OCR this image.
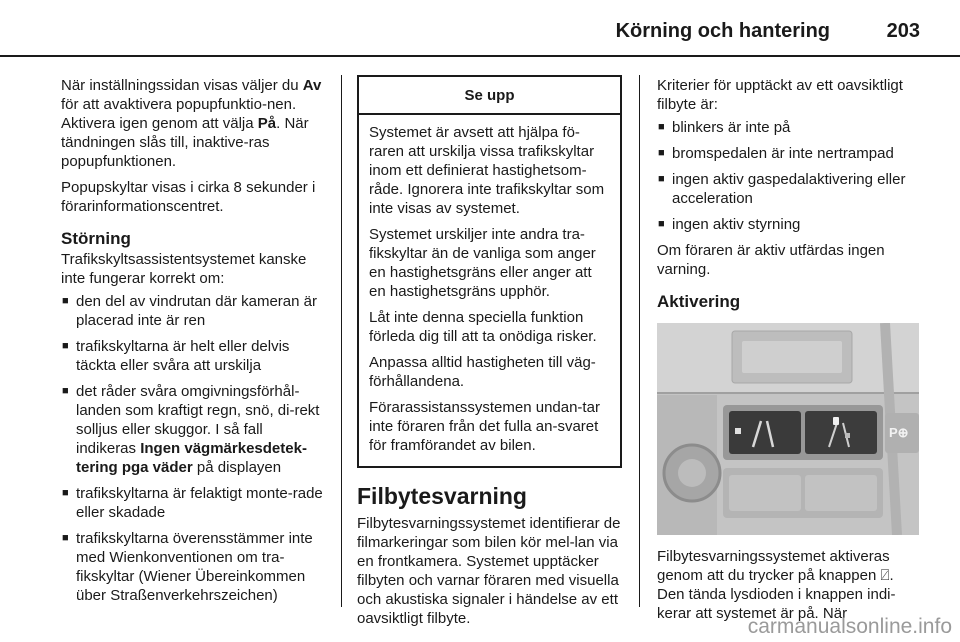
Körning och hantering	203

När inställningssidan visas väljer du Av för att avaktivera popupfunktio-nen. Aktivera igen genom att välja På. När tändningen slås till, inaktive-ras popupfunktionen.

Popupskyltar visas i cirka 8 sekunder i förarinformationscentret.

Störning

Trafikskyltsassistentsystemet kanske inte fungerar korrekt om:

■ den del av vindrutan där kameran är placerad inte är ren
■ trafikskyltarna är helt eller delvis täckta eller svåra att urskilja
■ det råder svåra omgivningsförhål-landen som kraftigt regn, snö, di-rekt solljus eller skuggor. I så fall indikeras Ingen vägmärkesdetek-tering pga väder på displayen
■ trafikskyltarna är felaktigt monte-rade eller skadade
■ trafikskyltarna överensstämmer inte med Wienkonventionen om tra-fikskyltar (Wiener Übereinkommen über Straßenverkehrszeichen)
Se upp

Systemet är avsett att hjälpa fö-raren att urskilja vissa trafikskyltar inom ett definierat hastighetsom-råde. Ignorera inte trafikskyltar som inte visas av systemet.

Systemet urskiljer inte andra tra-fikskyltar än de vanliga som anger en hastighetsgräns eller anger att en hastighetsgräns upphör.

Låt inte denna speciella funktion förleda dig till att ta onödiga risker.

Anpassa alltid hastigheten till väg-förhållandena.

Förarassistanssystemen undan-tar inte föraren från det fulla an-svaret för framförandet av bilen.

Filbytesvarning

Filbytesvarningssystemet identifierar de filmarkeringar som bilen kör mel-lan via en frontkamera. Systemet upptäcker filbyten och varnar föraren med visuella och akustiska signaler i händelse av ett oavsiktligt filbyte.

Kriterier för upptäckt av ett oavsiktligt filbyte är:

■ blinkers är inte på
■ bromspedalen är inte nertrampad
■ ingen aktiv gaspedalaktivering eller acceleration
■ ingen aktiv styrning

Om föraren är aktiv utfärdas ingen varning.

Aktivering
P⊕

Filbytesvarningssystemet aktiveras genom att du trycker på knappen ⍁. Den tända lysdioden i knappen indi-kerar att systemet är på. När

carmanualsonline.info
